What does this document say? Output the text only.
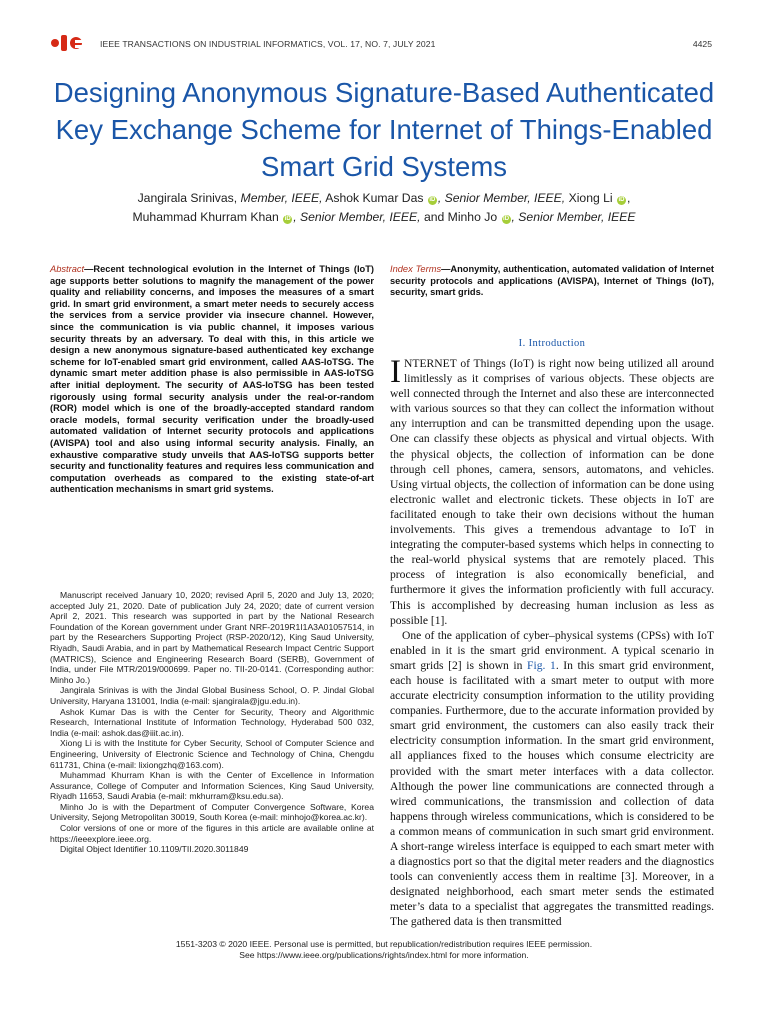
ies
IEEE TRANSACTIONS ON INDUSTRIAL INFORMATICS, VOL. 17, NO. 7, JULY 2021	4425
Designing Anonymous Signature-Based Authenticated Key Exchange Scheme for Internet of Things-Enabled Smart Grid Systems
Jangirala Srinivas, Member, IEEE, Ashok Kumar Das iD , Senior Member, IEEE, Xiong Li iD ,
Muhammad Khurram Khan iD , Senior Member, IEEE, and Minho Jo iD , Senior Member, IEEE
Abstract—Recent technological evolution in the Internet of Things (IoT) age supports better solutions to magnify the management of the power quality and reliability concerns, and imposes the measures of a smart grid. In smart grid environment, a smart meter needs to securely access the services from a service provider via insecure channel. However, since the communication is via public channel, it imposes various security threats by an adversary. To deal with this, in this article we design a new anonymous signature-based authenticated key exchange scheme for IoT-enabled smart grid environment, called AAS-IoTSG. The dynamic smart meter addition phase is also permissible in AAS-IoTSG after initial deployment. The security of AAS-IoTSG has been tested rigorously using formal security analysis under the real-or-random (ROR) model which is one of the broadly-accepted standard random oracle models, formal security verification under the broadly-used automated validation of Internet security protocols and applications (AVISPA) tool and also using informal security analysis. Finally, an exhaustive comparative study unveils that AAS-IoTSG supports better security and functionality features and requires less communication and computation overheads as compared to the existing state-of-art authentication mechanisms in smart grid systems.

Manuscript received January 10, 2020; revised April 5, 2020 and July 13, 2020; accepted July 21, 2020. Date of publication July 24, 2020; date of current version April 2, 2021. This research was supported in part by the National Research Foundation of the Korean government under Grant NRF-2019R1I1A3A01057514, in part by the Researchers Supporting Project (RSP-2020/12), King Saud University, Riyadh, Saudi Arabia, and in part by Mathematical Research Impact Centric Support (MATRICS), Science and Engineering Research Board (SERB), Government of India, under File MTR/2019/000699. Paper no. TII-20-0141. (Corresponding author: Minho Jo.)

Jangirala Srinivas is with the Jindal Global Business School, O. P. Jindal Global University, Haryana 131001, India (e-mail: sjangirala@jgu.edu.in).

Ashok Kumar Das is with the Center for Security, Theory and Algorithmic Research, International Institute of Information Technology, Hyderabad 500 032, India (e-mail: ashok.das@iiit.ac.in).

Xiong Li is with the Institute for Cyber Security, School of Computer Science and Engineering, University of Electronic Science and Technology of China, Chengdu 611731, China (e-mail: lixiongzhq@163.com).

Muhammad Khurram Khan is with the Center of Excellence in Information Assurance, College of Computer and Information Sciences, King Saud University, Riyadh 11653, Saudi Arabia (e-mail: mkhurram@ksu.edu.sa).

Minho Jo is with the Department of Computer Convergence Software, Korea University, Sejong Metropolitan 30019, South Korea (e-mail: minhojo@korea.ac.kr).

Color versions of one or more of the figures in this article are available online at https://ieeexplore.ieee.org.

Digital Object Identifier 10.1109/TII.2020.3011849

Index Terms—Anonymity, authentication, automated validation of Internet security protocols and applications (AVISPA), Internet of Things (IoT), security, smart grids.
I. Introduction

INTERNET of Things (IoT) is right now being utilized all around limitlessly as it comprises of various objects. These objects are well connected through the Internet and also these are interconnected with various sources so that they can collect the information without any interruption and can be transmitted depending upon the usage. One can classify these objects as physical and virtual objects. With the physical objects, the collection of information can be done through cell phones, camera, sensors, automatons, and vehicles. Using virtual objects, the collection of information can be done using electronic wallet and electronic tickets. These objects in IoT are facilitated enough to take their own decisions without the human involvements. This gives a tremendous advantage to IoT in integrating the computer-based systems which helps in connecting to the real-world physical systems that are remotely placed. This process of integration is also economically beneficial, and furthermore it gives the information proficiently with full accuracy. This is accomplished by decreasing human inclusion as less as possible [1].

One of the application of cyber–physical systems (CPSs) with IoT enabled in it is the smart grid environment. A typical scenario in smart grids [2] is shown in Fig. 1. In this smart grid environment, each house is facilitated with a smart meter to output with more accurate electricity consumption information to the utility providing companies. Furthermore, due to the accurate information provided by smart grid environment, the customers can also easily track their electricity consumption information. In the smart grid environment, all appliances fixed to the houses which consume electricity are provided with the smart meter interfaces with a data collector. Although the power line communications are connected through a wired communications, the transmission and collection of data happens through wireless communications, which is considered to be a common means of communication in such smart grid environment. A short-range wireless interface is equipped to each smart meter with a diagnostics port so that the digital meter readers and the diagnostics tools can conveniently access them in realtime [3]. Moreover, in a designated neighborhood, each smart meter sends the estimated meter’s data to a specialist that aggregates the transmitted readings. The gathered data is then transmitted

1551-3203 © 2020 IEEE. Personal use is permitted, but republication/redistribution requires IEEE permission.
See https://www.ieee.org/publications/rights/index.html for more information.
